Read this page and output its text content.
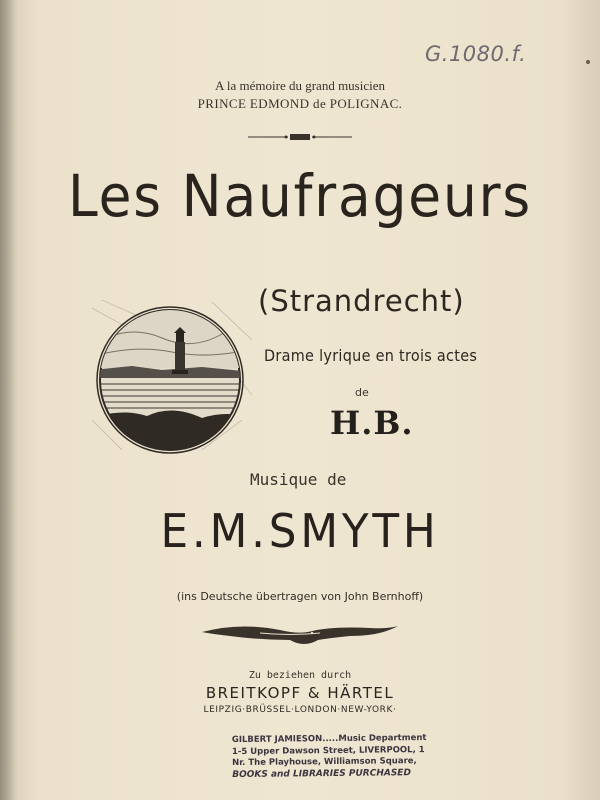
G.1080.f.
A la mémoire du grand musicien
PRINCE EDMOND de POLIGNAC.
Les Naufrageurs
(Strandrecht)
Drame lyrique en trois actes
de
H.B.
Musique de
E.M.SMYTH
(ins Deutsche übertragen von John Bernhoff)
Zu beziehen durch
BREITKOPF & HÄRTEL
LEIPZIG·BRÜSSEL·LONDON·NEW-YORK·
GILBERT JAMIESON.....Music Department
1-5 Upper Dawson Street, LIVERPOOL, 1
Nr. The Playhouse, Williamson Square,
BOOKS and LIBRARIES PURCHASED
